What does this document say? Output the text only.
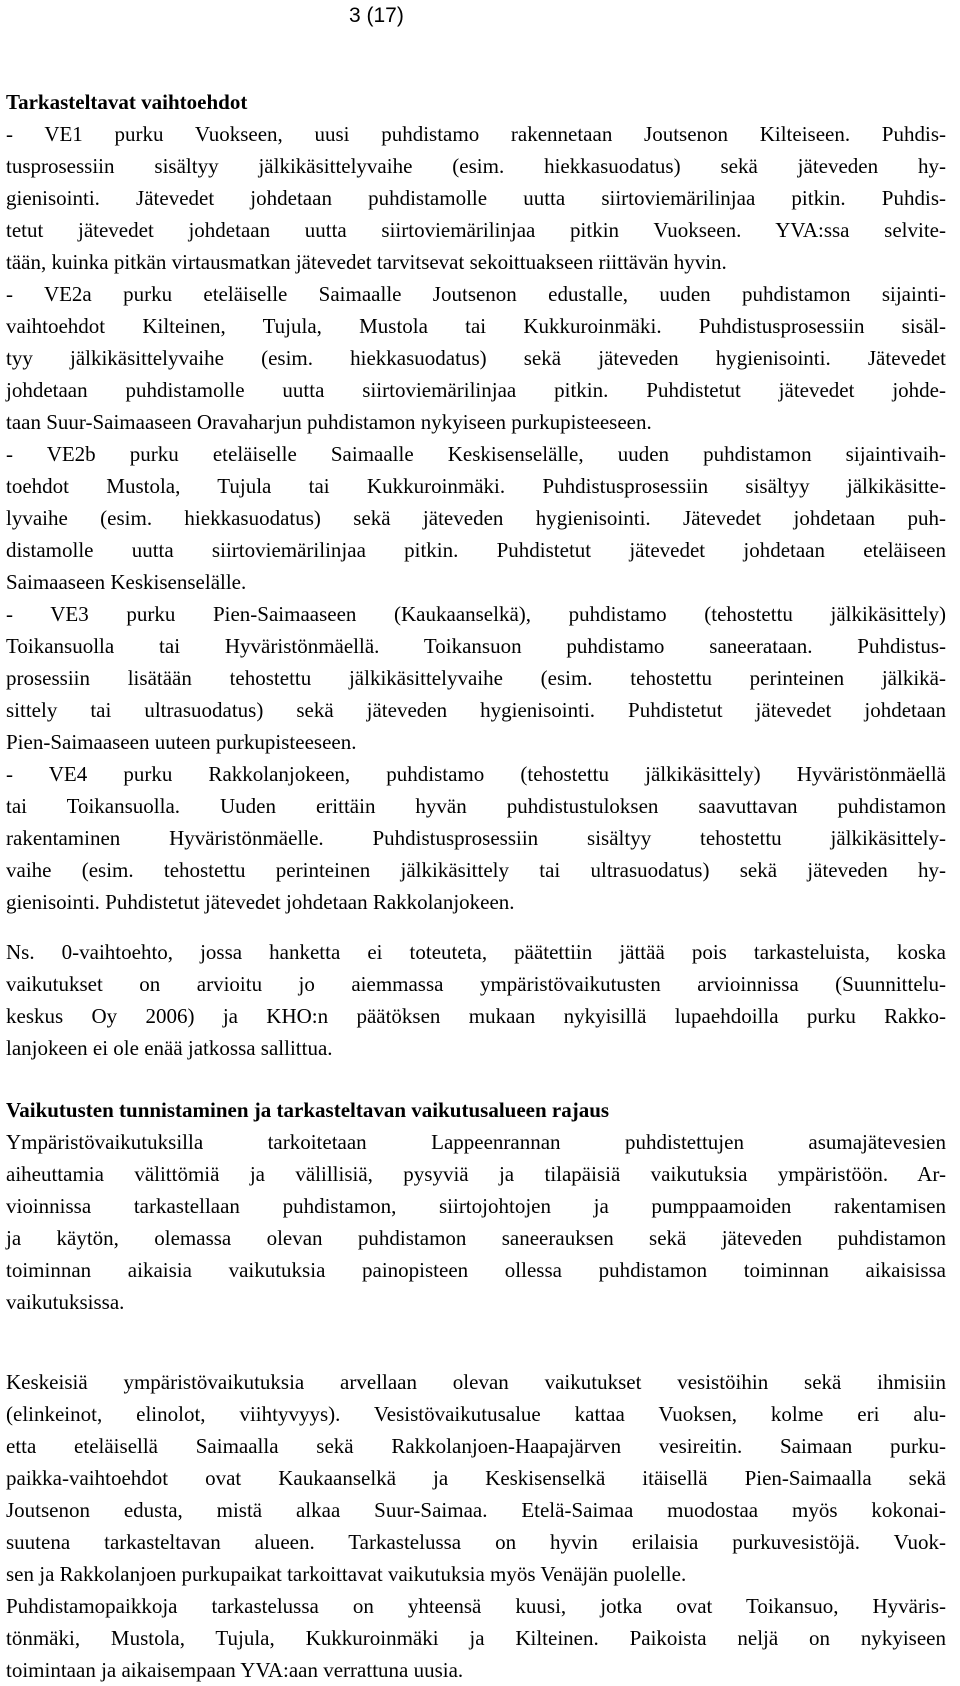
3 (17)
Tarkasteltavat vaihtoehdot
- VE1 purku Vuokseen, uusi puhdistamo rakennetaan Joutsenon Kilteiseen. Puhdis-
tusprosessiin sisältyy jälkikäsittelyvaihe (esim. hiekkasuodatus) sekä jäteveden hy-
gienisointi. Jätevedet johdetaan puhdistamolle uutta siirtoviemärilinjaa pitkin. Puhdis-
tetut jätevedet johdetaan uutta siirtoviemärilinjaa pitkin Vuokseen. YVA:ssa selvite-
tään, kuinka pitkän virtausmatkan jätevedet tarvitsevat sekoittuakseen riittävän hyvin.
- VE2a purku eteläiselle Saimaalle Joutsenon edustalle, uuden puhdistamon sijainti-
vaihtoehdot Kilteinen, Tujula, Mustola tai Kukkuroinmäki. Puhdistusprosessiin sisäl-
tyy jälkikäsittelyvaihe (esim. hiekkasuodatus) sekä jäteveden hygienisointi. Jätevedet
johdetaan puhdistamolle uutta siirtoviemärilinjaa pitkin. Puhdistetut jätevedet johde-
taan Suur-Saimaaseen Oravaharjun puhdistamon nykyiseen purkupisteeseen.
- VE2b purku eteläiselle Saimaalle Keskisenselälle, uuden puhdistamon sijaintivaih-
toehdot Mustola, Tujula tai Kukkuroinmäki. Puhdistusprosessiin sisältyy jälkikäsitte-
lyvaihe (esim. hiekkasuodatus) sekä jäteveden hygienisointi. Jätevedet johdetaan puh-
distamolle uutta siirtoviemärilinjaa pitkin. Puhdistetut jätevedet johdetaan eteläiseen
Saimaaseen Keskisenselälle.
- VE3 purku Pien-Saimaaseen (Kaukaanselkä), puhdistamo (tehostettu jälkikäsittely)
Toikansuolla tai Hyväristönmäellä. Toikansuon puhdistamo saneerataan. Puhdistus-
prosessiin lisätään tehostettu jälkikäsittelyvaihe (esim. tehostettu perinteinen jälkikä-
sittely tai ultrasuodatus) sekä jäteveden hygienisointi. Puhdistetut jätevedet johdetaan
Pien-Saimaaseen uuteen purkupisteeseen.
- VE4 purku Rakkolanjokeen, puhdistamo (tehostettu jälkikäsittely) Hyväristönmäellä
tai Toikansuolla. Uuden erittäin hyvän puhdistustuloksen saavuttavan puhdistamon
rakentaminen Hyväristönmäelle. Puhdistusprosessiin sisältyy tehostettu jälkikäsittely-
vaihe (esim. tehostettu perinteinen jälkikäsittely tai ultrasuodatus) sekä jäteveden hy-
gienisointi. Puhdistetut jätevedet johdetaan Rakkolanjokeen.
Ns. 0-vaihtoehto, jossa hanketta ei toteuteta, päätettiin jättää pois tarkasteluista, koska
vaikutukset on arvioitu jo aiemmassa ympäristövaikutusten arvioinnissa (Suunnittelu-
keskus Oy 2006) ja KHO:n päätöksen mukaan nykyisillä lupaehdoilla purku Rakko-
lanjokeen ei ole enää jatkossa sallittua.
Vaikutusten tunnistaminen ja tarkasteltavan vaikutusalueen rajaus
Ympäristövaikutuksilla tarkoitetaan Lappeenrannan puhdistettujen asumajätevesien
aiheuttamia välittömiä ja välillisiä, pysyviä ja tilapäisiä vaikutuksia ympäristöön. Ar-
vioinnissa tarkastellaan puhdistamon, siirtojohtojen ja pumppaamoiden rakentamisen
ja käytön, olemassa olevan puhdistamon saneerauksen sekä jäteveden puhdistamon
toiminnan aikaisia vaikutuksia painopisteen ollessa puhdistamon toiminnan aikaisissa
vaikutuksissa.
Keskeisiä ympäristövaikutuksia arvellaan olevan vaikutukset vesistöihin sekä ihmisiin
(elinkeinot, elinolot, viihtyvyys). Vesistövaikutusalue kattaa Vuoksen, kolme eri alu-
etta eteläisellä Saimaalla sekä Rakkolanjoen-Haapajärven vesireitin. Saimaan purku-
paikka-vaihtoehdot ovat Kaukaanselkä ja Keskisenselkä itäisellä Pien-Saimaalla sekä
Joutsenon edusta, mistä alkaa Suur-Saimaa. Etelä-Saimaa muodostaa myös kokonai-
suutena tarkasteltavan alueen. Tarkastelussa on hyvin erilaisia purkuvesistöjä. Vuok-
sen ja Rakkolanjoen purkupaikat tarkoittavat vaikutuksia myös Venäjän puolelle.
Puhdistamopaikkoja tarkastelussa on yhteensä kuusi, jotka ovat Toikansuo, Hyväris-
tönmäki, Mustola, Tujula, Kukkuroinmäki ja Kilteinen. Paikoista neljä on nykyiseen
toimintaan ja aikaisempaan YVA:aan verrattuna uusia.
